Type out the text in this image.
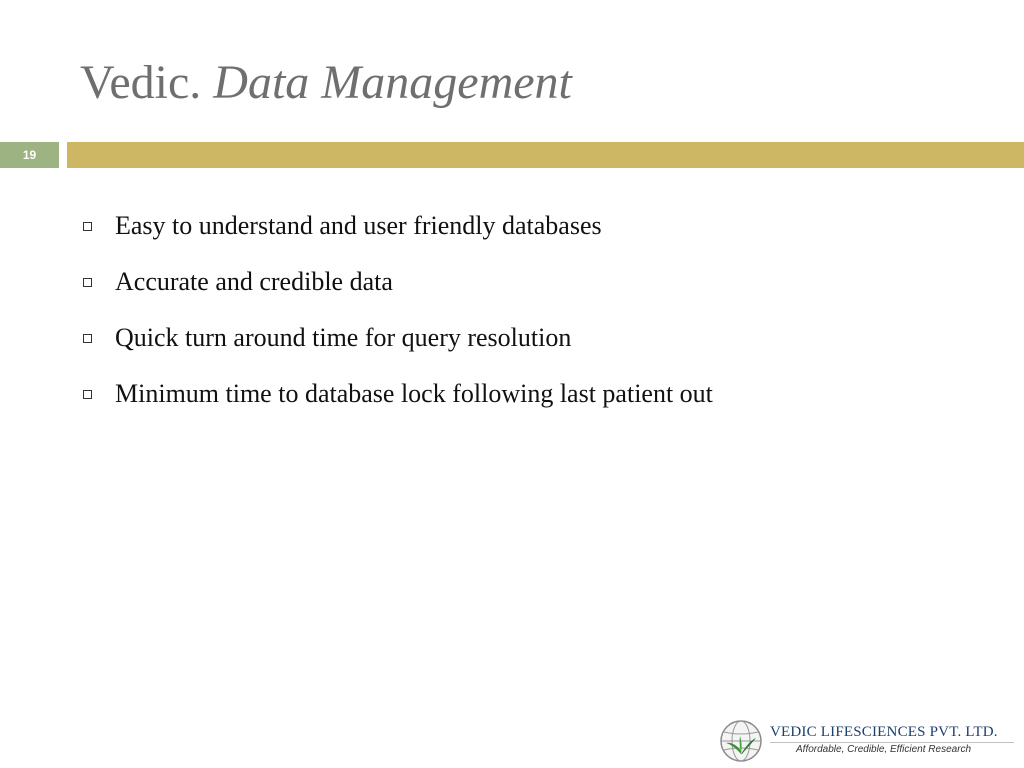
Vedic. Data Management
19
Easy to understand and user friendly databases
Accurate and credible data
Quick turn around time for query resolution
Minimum time to database lock following last patient out
VEDIC LIFESCIENCES PVT. LTD.
Affordable, Credible, Efficient Research
